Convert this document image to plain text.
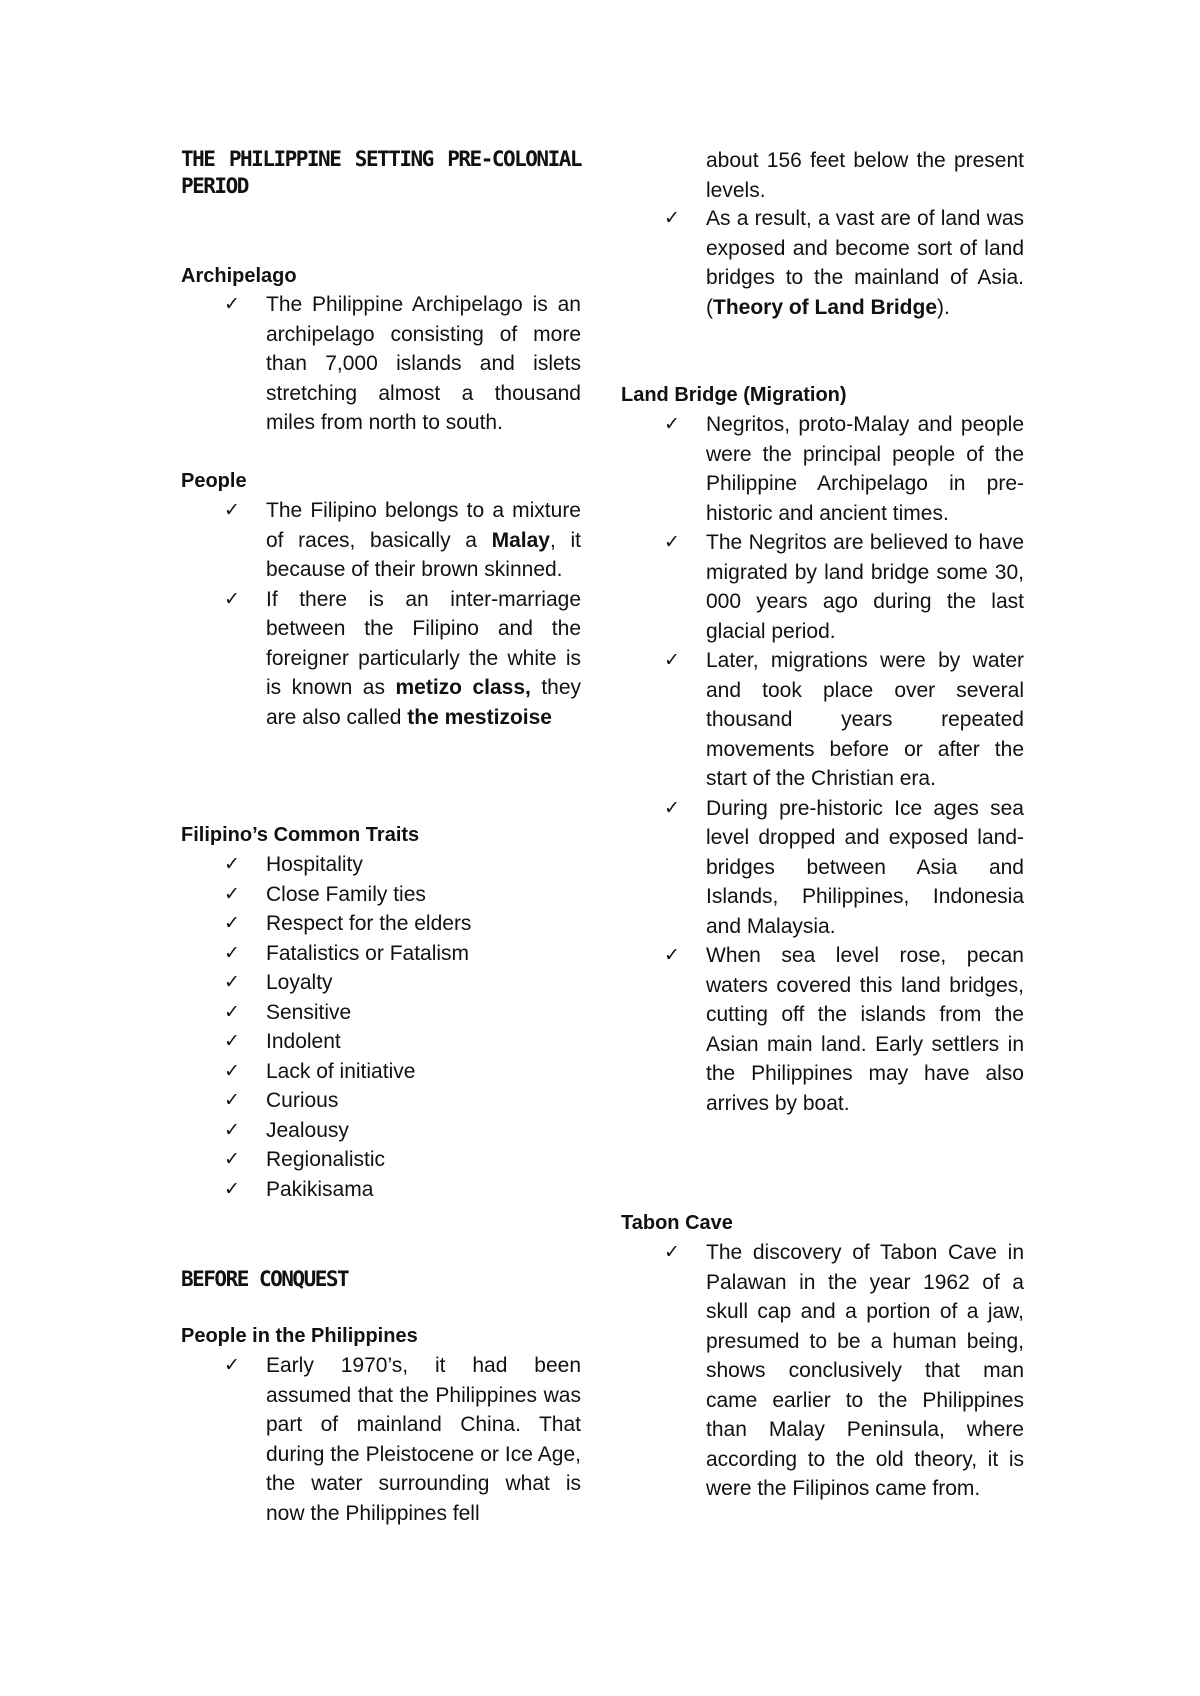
THE PHILIPPINE SETTING PRE-COLONIAL PERIOD
Archipelago
✓ The Philippine Archipelago is an archipelago consisting of more than 7,000 islands and islets stretching almost a thousand miles from north to south.
People
✓ The Filipino belongs to a mixture of races, basically a Malay, it because of their brown skinned.
✓ If there is an inter-marriage between the Filipino and the foreigner particularly the white is is known as metizo class, they are also called the mestizoise
Filipino’s Common Traits
✓ Hospitality
✓ Close Family ties
✓ Respect for the elders
✓ Fatalistics or Fatalism
✓ Loyalty
✓ Sensitive
✓ Indolent
✓ Lack of initiative
✓ Curious
✓ Jealousy
✓ Regionalistic
✓ Pakikisama
BEFORE CONQUEST
People in the Philippines
✓ Early 1970’s, it had been assumed that the Philippines was part of mainland China. That during the Pleistocene or Ice Age, the water surrounding what is now the Philippines fell

about 156 feet below the present levels.

✓ As a result, a vast are of land was exposed and become sort of land bridges to the mainland of Asia. (Theory of Land Bridge).
Land Bridge (Migration)
✓ Negritos, proto-Malay and people were the principal people of the Philippine Archipelago in pre-historic and ancient times.
✓ The Negritos are believed to have migrated by land bridge some 30, 000 years ago during the last glacial period.
✓ Later, migrations were by water and took place over several thousand years repeated movements before or after the start of the Christian era.
✓ During pre-historic Ice ages sea level dropped and exposed land-bridges between Asia and Islands, Philippines, Indonesia and Malaysia.
✓ When sea level rose, pecan waters covered this land bridges, cutting off the islands from the Asian main land. Early settlers in the Philippines may have also arrives by boat.
Tabon Cave
✓ The discovery of Tabon Cave in Palawan in the year 1962 of a skull cap and a portion of a jaw, presumed to be a human being, shows conclusively that man came earlier to the Philippines than Malay Peninsula, where according to the old theory, it is were the Filipinos came from.
